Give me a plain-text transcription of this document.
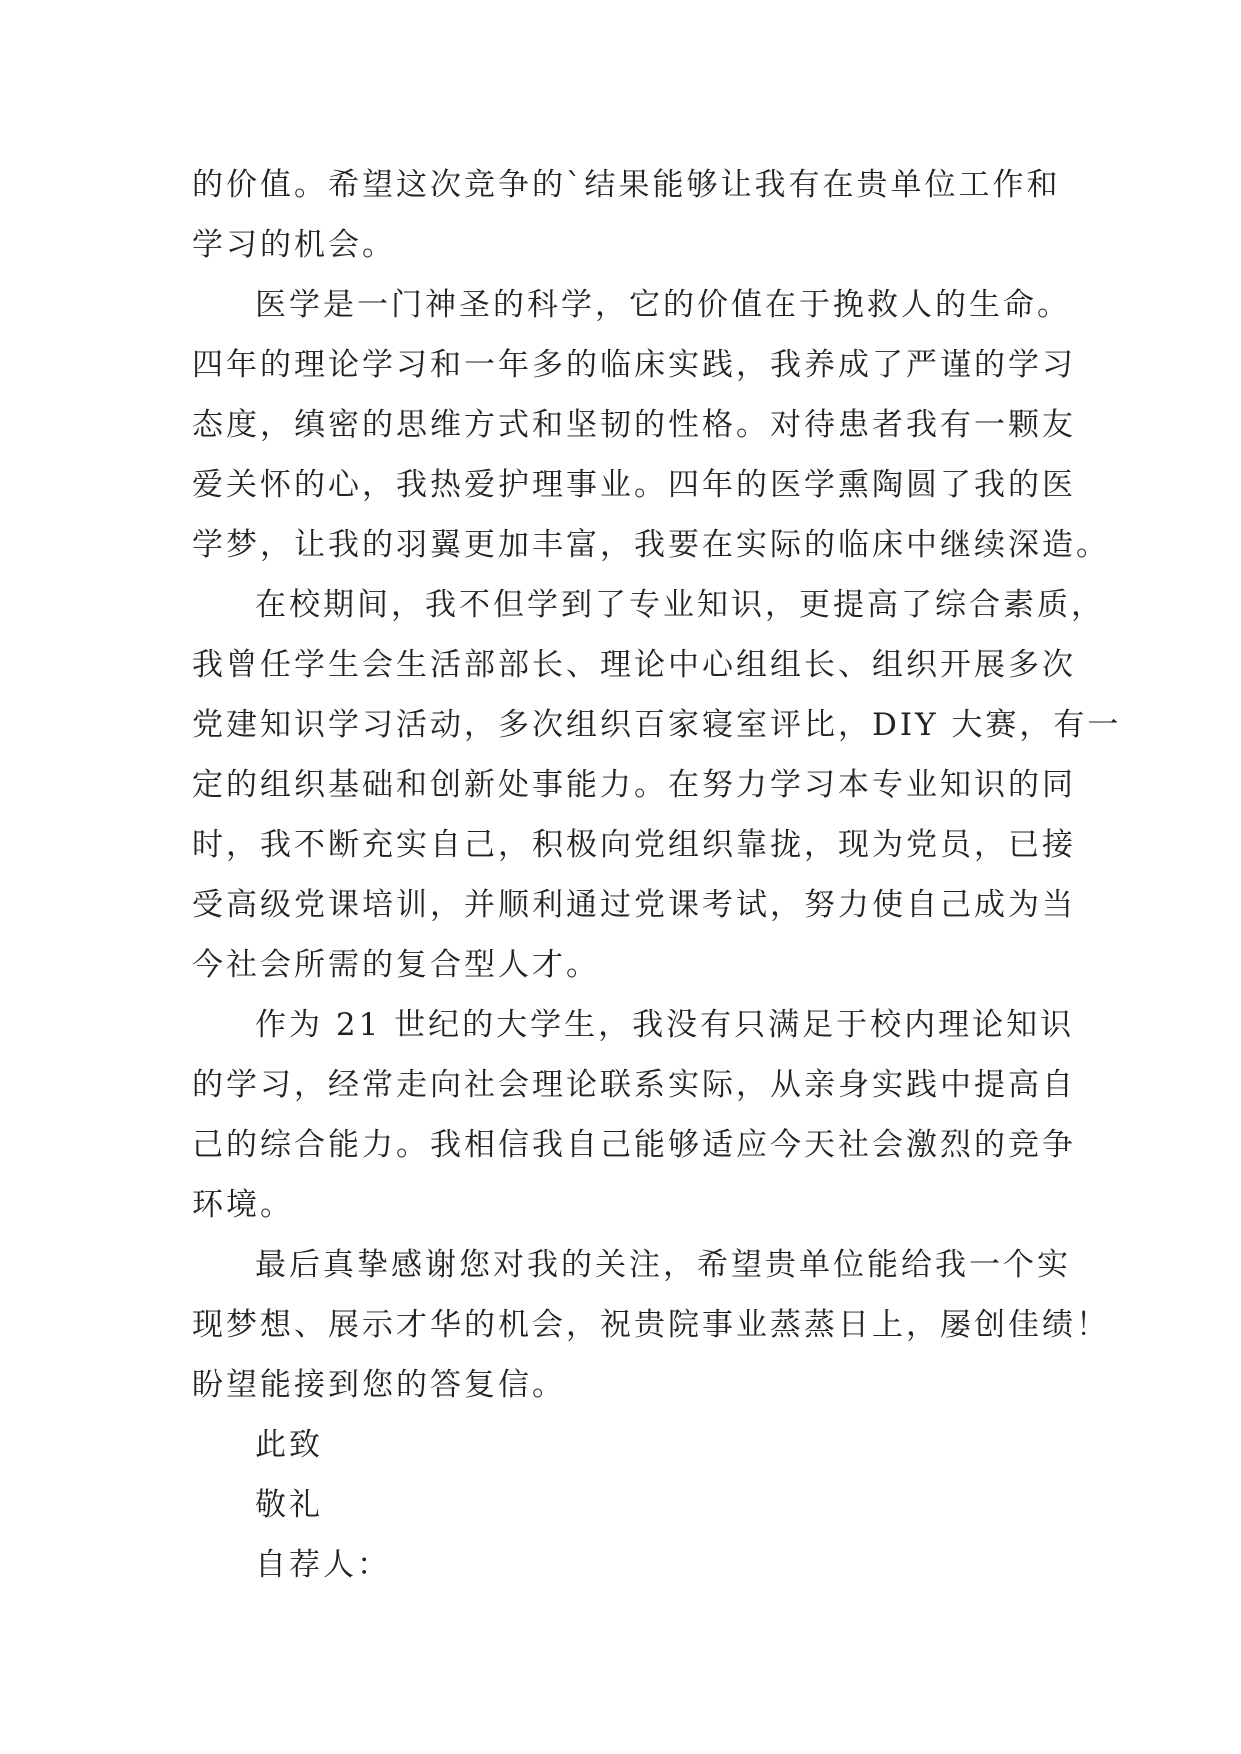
的价值。希望这次竞争的`结果能够让我有在贵单位工作和
学习的机会。
医学是一门神圣的科学，它的价值在于挽救人的生命。
四年的理论学习和一年多的临床实践，我养成了严谨的学习
态度，缜密的思维方式和坚韧的性格。对待患者我有一颗友
爱关怀的心，我热爱护理事业。四年的医学熏陶圆了我的医
学梦，让我的羽翼更加丰富，我要在实际的临床中继续深造。
在校期间，我不但学到了专业知识，更提高了综合素质，
我曾任学生会生活部部长、理论中心组组长、组织开展多次
党建知识学习活动，多次组织百家寝室评比，DIY 大赛，有一
定的组织基础和创新处事能力。在努力学习本专业知识的同
时，我不断充实自己，积极向党组织靠拢，现为党员，已接
受高级党课培训，并顺利通过党课考试，努力使自己成为当
今社会所需的复合型人才。
作为 21 世纪的大学生，我没有只满足于校内理论知识
的学习，经常走向社会理论联系实际，从亲身实践中提高自
己的综合能力。我相信我自己能够适应今天社会激烈的竞争
环境。
最后真挚感谢您对我的关注，希望贵单位能给我一个实
现梦想、展示才华的机会，祝贵院事业蒸蒸日上，屡创佳绩！
盼望能接到您的答复信。
此致
敬礼
自荐人：
